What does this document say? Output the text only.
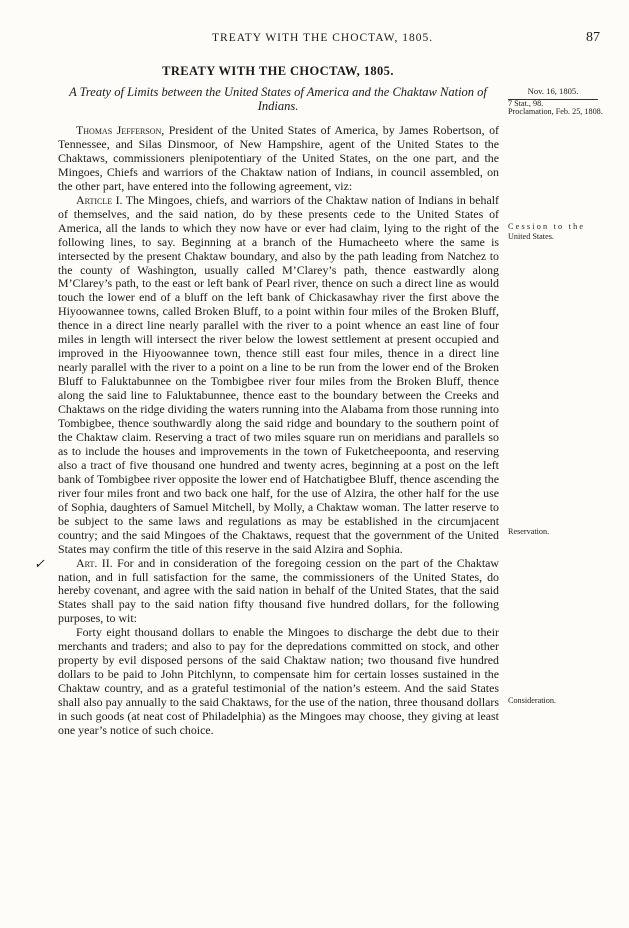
TREATY WITH THE CHOCTAW, 1805.	87
TREATY WITH THE CHOCTAW, 1805.
A Treaty of Limits between the United States of America and the Chaktaw Nation of Indians.
Nov. 16, 1805.
7 Stat., 98.
Proclamation, Feb. 25, 1808.
Cession to the
United States.
Reservation.
Consideration.
✓

Thomas Jefferson, President of the United States of America, by James Robertson, of Tennessee, and Silas Dinsmoor, of New Hampshire, agent of the United States to the Chaktaws, commissioners plenipotentiary of the United States, on the one part, and the Mingoes, Chiefs and warriors of the Chaktaw nation of Indians, in council assembled, on the other part, have entered into the following agreement, viz:

Article I. The Mingoes, chiefs, and warriors of the Chaktaw nation of Indians in behalf of themselves, and the said nation, do by these presents cede to the United States of America, all the lands to which they now have or ever had claim, lying to the right of the following lines, to say. Beginning at a branch of the Humacheeto where the same is intersected by the present Chaktaw boundary, and also by the path leading from Natchez to the county of Washington, usually called M’Clarey’s path, thence eastwardly along M’Clarey’s path, to the east or left bank of Pearl river, thence on such a direct line as would touch the lower end of a bluff on the left bank of Chickasawhay river the first above the Hiyoowannee towns, called Broken Bluff, to a point within four miles of the Broken Bluff, thence in a direct line nearly parallel with the river to a point whence an east line of four miles in length will intersect the river below the lowest settlement at present occupied and improved in the Hiyoowannee town, thence still east four miles, thence in a direct line nearly parallel with the river to a point on a line to be run from the lower end of the Broken Bluff to Faluktabunnee on the Tombigbee river four miles from the Broken Bluff, thence along the said line to Faluktabunnee, thence east to the boundary between the Creeks and Chaktaws on the ridge dividing the waters running into the Alabama from those running into Tombigbee, thence southwardly along the said ridge and boundary to the southern point of the Chaktaw claim. Reserving a tract of two miles square run on meridians and parallels so as to include the houses and improvements in the town of Fuketcheepoonta, and reserving also a tract of five thousand one hundred and twenty acres, beginning at a post on the left bank of Tombigbee river opposite the lower end of Hatchatigbee Bluff, thence ascending the river four miles front and two back one half, for the use of Alzira, the other half for the use of Sophia, daughters of Samuel Mitchell, by Molly, a Chaktaw woman. The latter reserve to be subject to the same laws and regulations as may be established in the circumjacent country; and the said Mingoes of the Chaktaws, request that the government of the United States may confirm the title of this reserve in the said Alzira and Sophia.

Art. II. For and in consideration of the foregoing cession on the part of the Chaktaw nation, and in full satisfaction for the same, the commissioners of the United States, do hereby covenant, and agree with the said nation in behalf of the United States, that the said States shall pay to the said nation fifty thousand five hundred dollars, for the following purposes, to wit:

Forty eight thousand dollars to enable the Mingoes to discharge the debt due to their merchants and traders; and also to pay for the depredations committed on stock, and other property by evil disposed persons of the said Chaktaw nation; two thousand five hundred dollars to be paid to John Pitchlynn, to compensate him for certain losses sustained in the Chaktaw country, and as a grateful testimonial of the nation’s esteem. And the said States shall also pay annually to the said Chaktaws, for the use of the nation, three thousand dollars in such goods (at neat cost of Philadelphia) as the Mingoes may choose, they giving at least one year’s notice of such choice.
